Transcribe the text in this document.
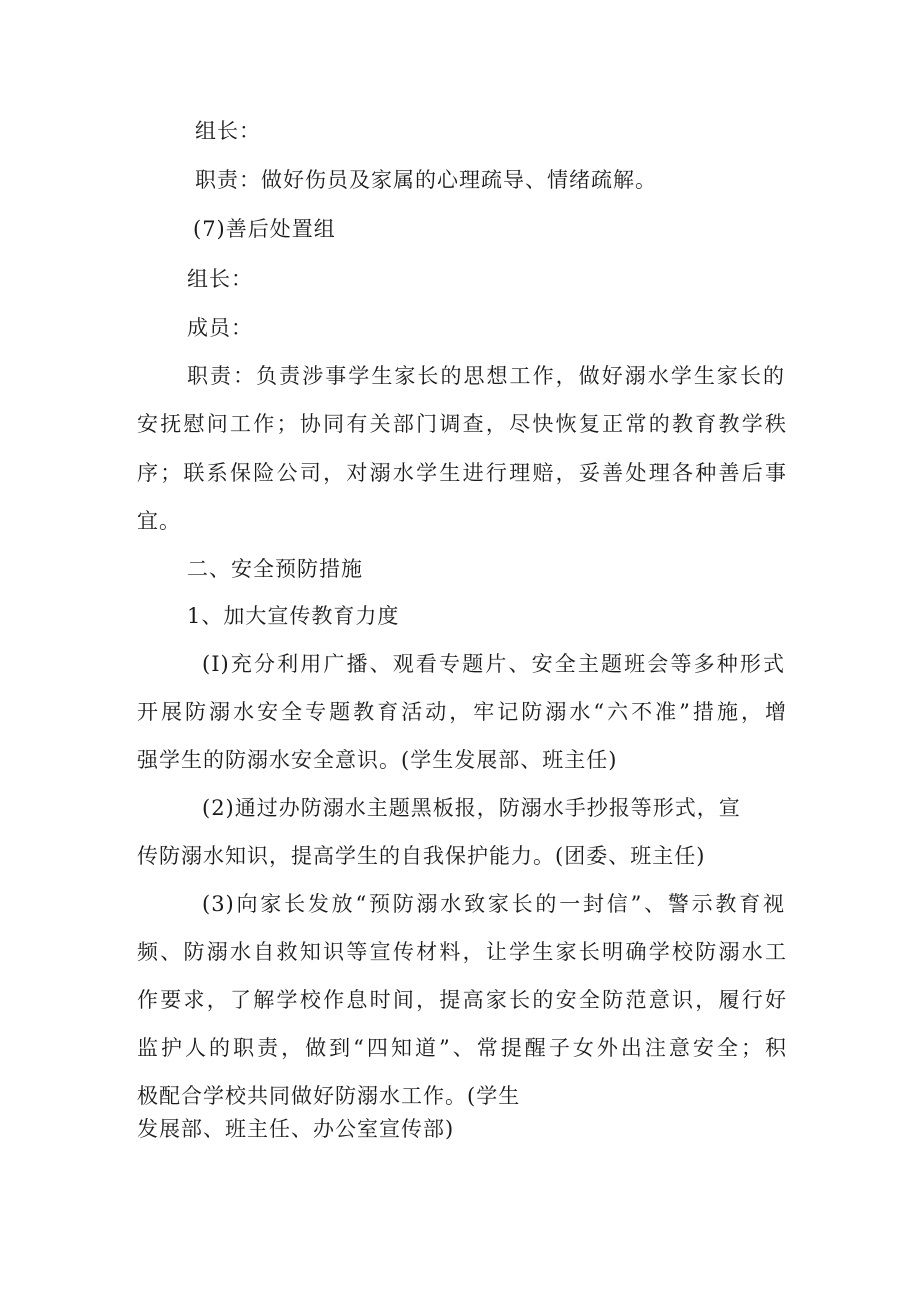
组长：
职责：做好伤员及家属的心理疏导、情绪疏解。
(7)善后处置组
组长：
成员：
职责：负责涉事学生家长的思想工作，做好溺水学生家长的
安抚慰问工作；协同有关部门调查，尽快恢复正常的教育教学秩
序；联系保险公司，对溺水学生进行理赔，妥善处理各种善后事
宜。
二、安全预防措施
1、加大宣传教育力度
(I)充分利用广播、观看专题片、安全主题班会等多种形式
开展防溺水安全专题教育活动，牢记防溺水“六不准”措施，增
强学生的防溺水安全意识。(学生发展部、班主任)
(2)通过办防溺水主题黑板报，防溺水手抄报等形式，宣
传防溺水知识，提高学生的自我保护能力。(团委、班主任)
(3)向家长发放“预防溺水致家长的一封信”、警示教育视
频、防溺水自救知识等宣传材料，让学生家长明确学校防溺水工
作要求，了解学校作息时间，提高家长的安全防范意识，履行好
监护人的职责，做到“四知道”、常提醒子女外出注意安全；积
极配合学校共同做好防溺水工作。(学生
发展部、班主任、办公室宣传部)
